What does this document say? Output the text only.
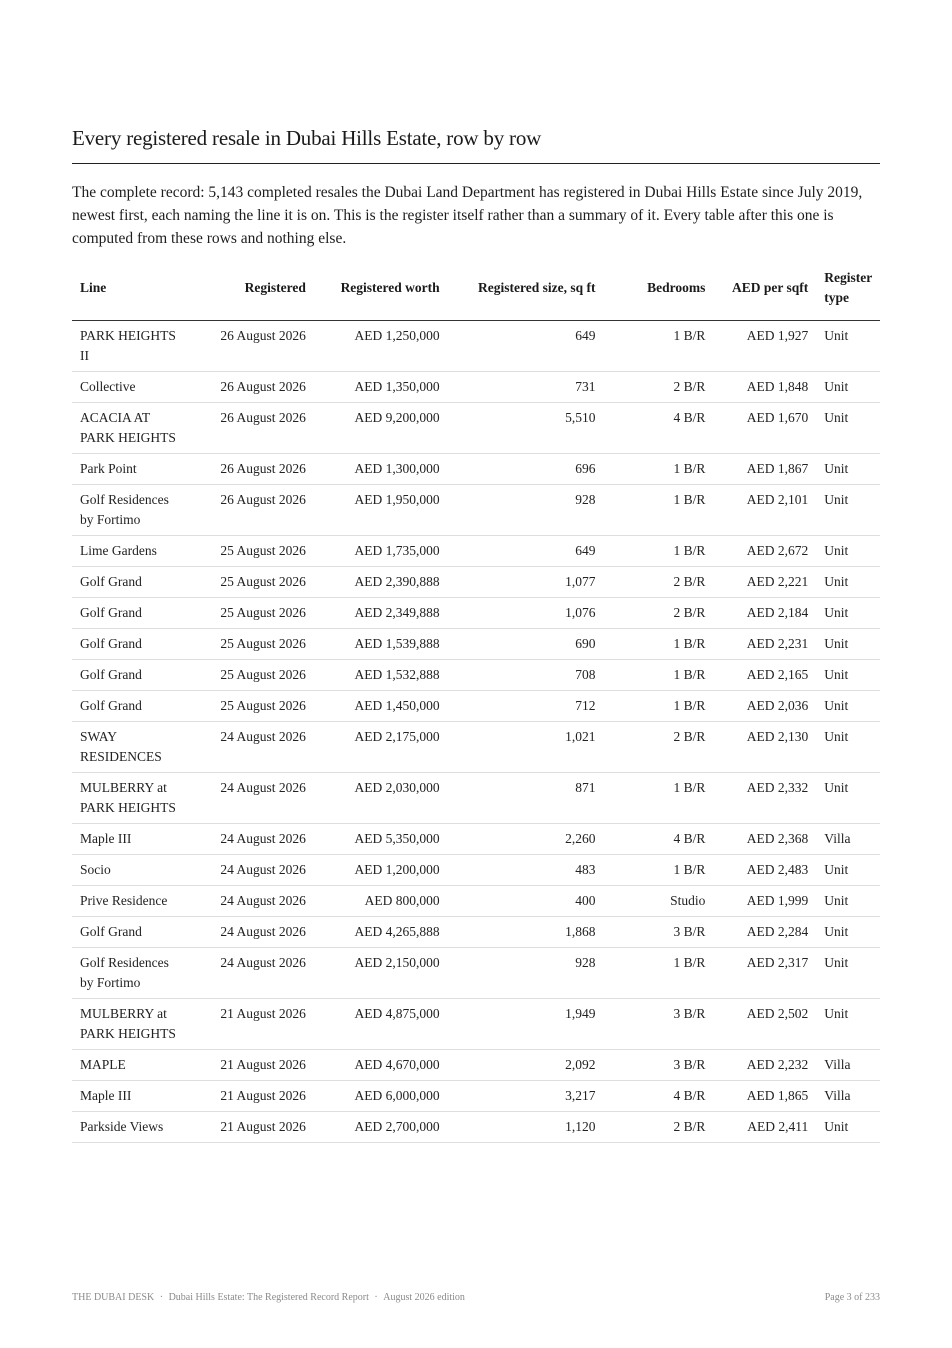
Every registered resale in Dubai Hills Estate, row by row

The complete record: 5,143 completed resales the Dubai Land Department has registered in Dubai Hills Estate since July 2019, newest first, each naming the line it is on. This is the register itself rather than a summary of it. Every table after this one is computed from these rows and nothing else.

Line	Registered	Registered worth	Registered size, sq ft	Bedrooms	AED per sqft	Register type
PARK HEIGHTS II	26 August 2026	AED 1,250,000	649	1 B/R	AED 1,927	Unit
Collective	26 August 2026	AED 1,350,000	731	2 B/R	AED 1,848	Unit
ACACIA AT PARK HEIGHTS	26 August 2026	AED 9,200,000	5,510	4 B/R	AED 1,670	Unit
Park Point	26 August 2026	AED 1,300,000	696	1 B/R	AED 1,867	Unit
Golf Residences by Fortimo	26 August 2026	AED 1,950,000	928	1 B/R	AED 2,101	Unit
Lime Gardens	25 August 2026	AED 1,735,000	649	1 B/R	AED 2,672	Unit
Golf Grand	25 August 2026	AED 2,390,888	1,077	2 B/R	AED 2,221	Unit
Golf Grand	25 August 2026	AED 2,349,888	1,076	2 B/R	AED 2,184	Unit
Golf Grand	25 August 2026	AED 1,539,888	690	1 B/R	AED 2,231	Unit
Golf Grand	25 August 2026	AED 1,532,888	708	1 B/R	AED 2,165	Unit
Golf Grand	25 August 2026	AED 1,450,000	712	1 B/R	AED 2,036	Unit
SWAY RESIDENCES	24 August 2026	AED 2,175,000	1,021	2 B/R	AED 2,130	Unit
MULBERRY at PARK HEIGHTS	24 August 2026	AED 2,030,000	871	1 B/R	AED 2,332	Unit
Maple III	24 August 2026	AED 5,350,000	2,260	4 B/R	AED 2,368	Villa
Socio	24 August 2026	AED 1,200,000	483	1 B/R	AED 2,483	Unit
Prive Residence	24 August 2026	AED 800,000	400	Studio	AED 1,999	Unit
Golf Grand	24 August 2026	AED 4,265,888	1,868	3 B/R	AED 2,284	Unit
Golf Residences by Fortimo	24 August 2026	AED 2,150,000	928	1 B/R	AED 2,317	Unit
MULBERRY at PARK HEIGHTS	21 August 2026	AED 4,875,000	1,949	3 B/R	AED 2,502	Unit
MAPLE	21 August 2026	AED 4,670,000	2,092	3 B/R	AED 2,232	Villa
Maple III	21 August 2026	AED 6,000,000	3,217	4 B/R	AED 1,865	Villa
Parkside Views	21 August 2026	AED 2,700,000	1,120	2 B/R	AED 2,411	Unit
THE DUBAI DESK · Dubai Hills Estate: The Registered Record Report · August 2026 edition	Page 3 of 233
